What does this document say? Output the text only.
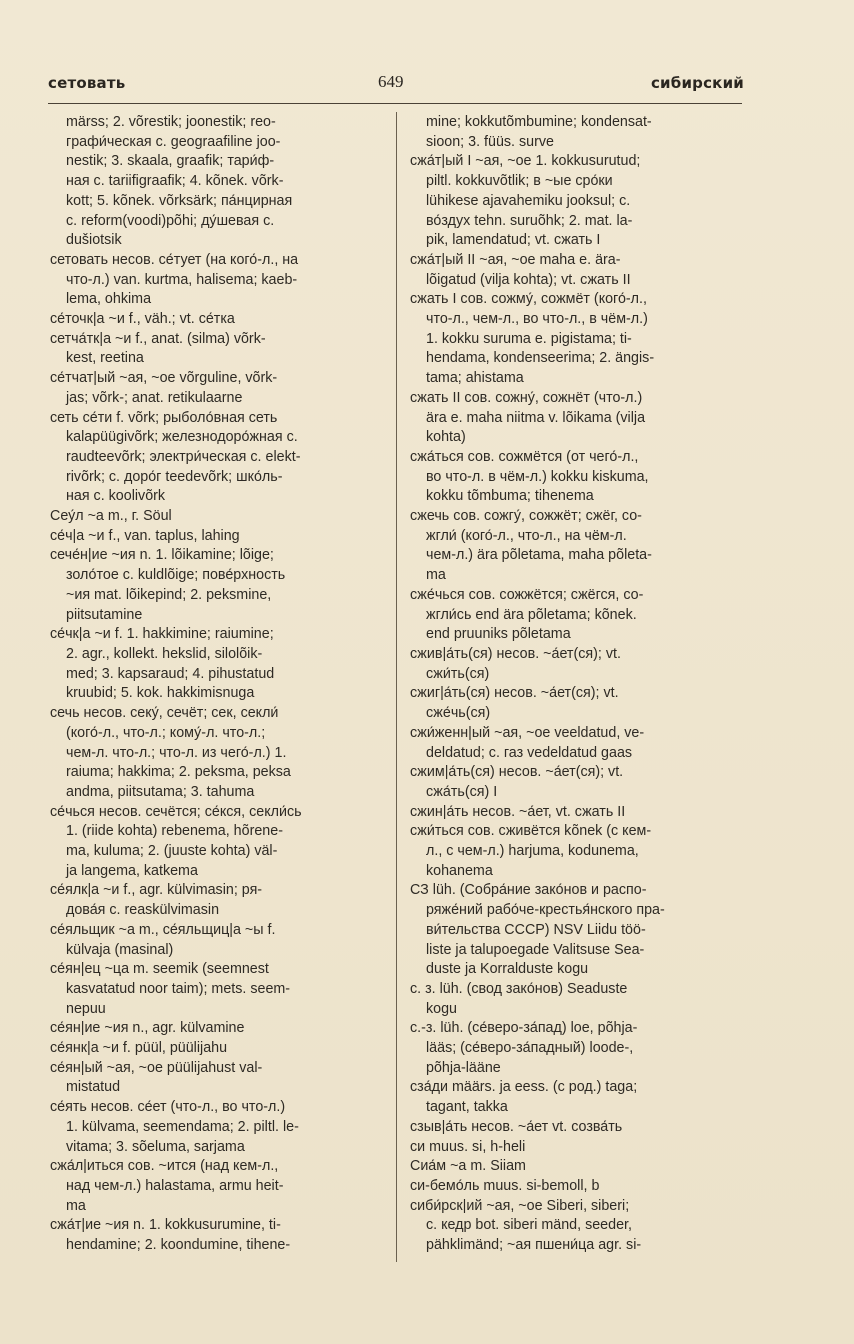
сетовать	649	сибирский

märss; 2. võrestik; joonestik; reo-
графи́ческая с. geograafiline joo-
nestik; 3. skaala, graafik; тари́ф-
ная с. tariifigraafik; 4. kõnek. võrk-
kott; 5. kõnek. võrksärk; па́нцирная
с. reform(voodi)põhi; ду́шевая с.
dušiotsik

сетовать несов. се́тует (на кого́-л., на
что-л.) van. kurtma, halisema; kaeb-
lema, ohkima

се́точк|а ~и f., väh.; vt. се́тка

сетча́тк|а ~и f., anat. (silma) võrk-
kest, reetina

се́тчат|ый ~ая, ~ое võrguline, võrk-
jas; võrk-; anat. retikulaarne

сеть се́ти f. võrk; рыболо́вная сеть
kalapüügivõrk; железнодоро́жная с.
raudteevõrk; электри́ческая с. elekt-
rivõrk; с. доро́г teedevõrk; шко́ль-
ная с. koolivõrk

Сеу́л ~а m., г. Söul

се́ч|а ~и f., van. taplus, lahing

сече́н|ие ~ия n. 1. lõikamine; lõige;
золо́тое с. kuldlõige; пове́рхность
~ия mat. lõikepind; 2. peksmine,
piitsutamine

се́чк|а ~и f. 1. hakkimine; raiumine;
2. agr., kollekt. hekslid, silolõik-
med; 3. kapsaraud; 4. pihustatud
kruubid; 5. kok. hakkimisnuga

сечь несов. секу́, сечёт; сек, секли́
(кого́-л., что-л.; кому́-л. что-л.;
чем-л. что-л.; что-л. из чего́-л.) 1.
raiuma; hakkima; 2. peksma, peksa
andma, piitsutama; 3. tahuma

се́чься несов. сечётся; се́кся, секли́сь
1. (riide kohta) rebenema, hõrene-
ma, kuluma; 2. (juuste kohta) väl-
ja langema, katkema

се́ялк|а ~и f., agr. külvimasin; ря-
дова́я с. reaskülvimasin

се́яльщик ~а m., се́яльщиц|а ~ы f.
külvaja (masinal)

се́ян|ец ~ца m. seemik (seemnest
kasvatatud noor taim); mets. seem-
nepuu

се́ян|ие ~ия n., agr. külvamine

се́янк|а ~и f. püül, püülijahu

се́ян|ый ~ая, ~ое püülijahust val-
mistatud

се́ять несов. се́ет (что-л., во что-л.)
1. külvama, seemendama; 2. piltl. le-
vitama; 3. sõeluma, sarjama

сжа́л|иться сов. ~ится (над кем-л.,
над чем-л.) halastama, armu heit-
ma

сжа́т|ие ~ия n. 1. kokkusurumine, ti-
hendamine; 2. koondumine, tihene-

mine; kokkutõmbumine; kondensat-
sioon; 3. füüs. surve

сжа́т|ый I ~ая, ~ое 1. kokkusurutud;
piltl. kokkuvõtlik; в ~ые сро́ки
lühikese ajavahemiku jooksul; с.
во́здух tehn. suruõhk; 2. mat. la-
pik, lamendatud; vt. сжать I

сжа́т|ый II ~ая, ~ое maha e. ära-
lõigatud (vilja kohta); vt. сжать II

сжать I сов. сожму́, сожмёт (кого́-л.,
что-л., чем-л., во что-л., в чём-л.)
1. kokku suruma e. pigistama; ti-
hendama, kondenseerima; 2. ängis-
tama; ahistama

сжать II сов. сожну́, сожнёт (что-л.)
ära e. maha niitma v. lõikama (vilja
kohta)

сжа́ться сов. сожмётся (от чего́-л.,
во что-л. в чём-л.) kokku kiskuma,
kokku tõmbuma; tihenema

сжечь сов. сожгу́, сожжёт; сжёг, со-
жгли́ (кого́-л., что-л., на чём-л.
чем-л.) ära põletama, maha põleta-
ma

сже́чься сов. сожжётся; сжёгся, со-
жгли́сь end ära põletama; kõnek.
end pruuniks põletama

сжив|а́ть(ся) несов. ~а́ет(ся); vt.
сжи́ть(ся)

сжиг|а́ть(ся) несов. ~а́ет(ся); vt.
сже́чь(ся)

сжи́женн|ый ~ая, ~ое veeldatud, ve-
deldatud; с. газ vedeldatud gaas

сжим|а́ть(ся) несов. ~а́ет(ся); vt.
сжа́ть(ся) I

сжин|а́ть несов. ~а́ет, vt. сжать II

сжи́ться сов. сживётся kõnek (с кем-
л., с чем-л.) harjuma, kodunema,
kohanema

СЗ lüh. (Собра́ние зако́нов и распо-
ряже́ний рабо́че-крестья́нского пра-
ви́тельства СССР) NSV Liidu töö-
liste ja talupoegade Valitsuse Sea-
duste ja Korralduste kogu

с. з. lüh. (свод зако́нов) Seaduste
kogu

с.-з. lüh. (се́веро-за́пад) loe, põhja-
lääs; (се́веро-за́падный) loode-,
põhja-lääne

сза́ди määrs. ja eess. (с род.) taga;
tagant, takka

сзыв|а́ть несов. ~а́ет vt. созва́ть

си muus. si, h-heli

Сиа́м ~а m. Siiam

си-бемо́ль muus. si-bemoll, b

сиби́рск|ий ~ая, ~ое Siberi, siberi;
с. кедр bot. siberi mänd, seeder,
pähklimänd; ~ая пшени́ца agr. si-
